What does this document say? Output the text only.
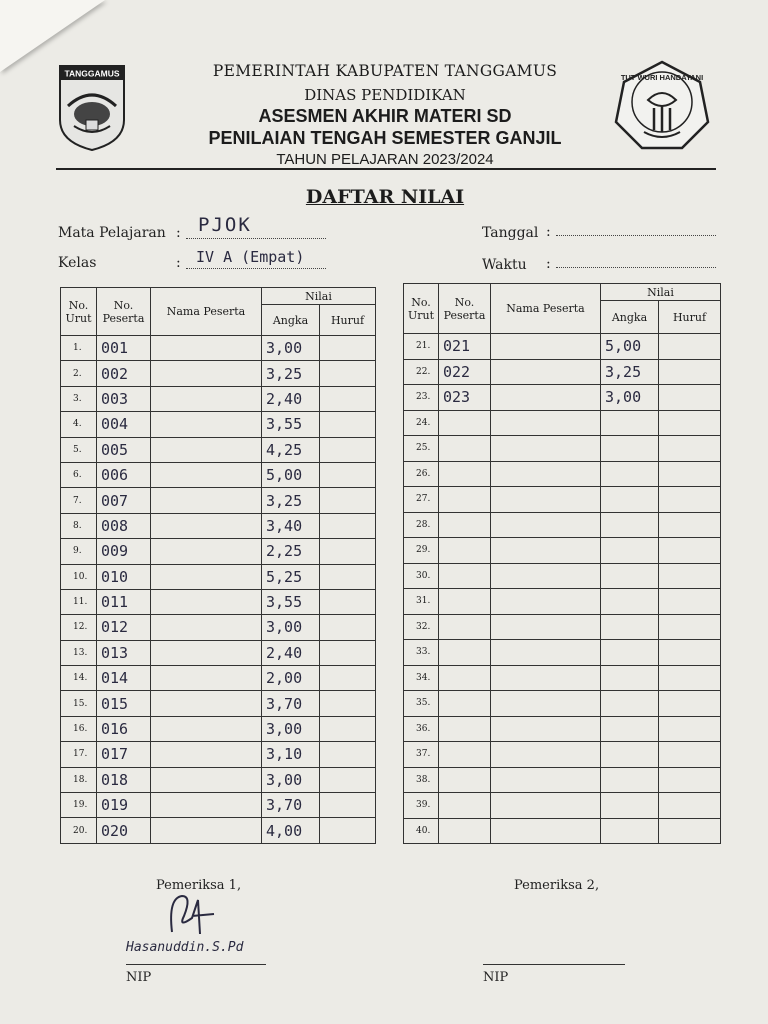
TANGGAMUS	TUT WURI HANDAYANI
PEMERINTAH KABUPATEN TANGGAMUS
DINAS PENDIDIKAN
ASESMEN AKHIR MATERI SD
PENILAIAN TENGAH SEMESTER GANJIL
TAHUN PELAJARAN 2023/2024
DAFTAR NILAI
Mata Pelajaran : PJOK
Kelas	: IV A (Empat)
Tanggal :
Waktu :
No. Urut	No. Peserta	Nama Peserta	Nilai	
			Angka	Huruf
1.	001		3,00	
2.	002		3,25	
3.	003		2,40	
4.	004		3,55	
5.	005		4,25	
6.	006		5,00	
7.	007		3,25	
8.	008		3,40	
9.	009		2,25	
10.	010		5,25	
11.	011		3,55	
12.	012		3,00	
13.	013		2,40	
14.	014		2,00	
15.	015		3,70	
16.	016		3,00	
17.	017		3,10	
18.	018		3,00	
19.	019		3,70	
20.	020		4,00	
No. Urut	No. Peserta	Nama Peserta	Nilai	
			Angka	Huruf
21.	021		5,00	
22.	022		3,25	
23.	023		3,00	
24.				
25.				
26.				
27.				
28.				
29.				
30.				
31.				
32.				
33.				
34.				
35.				
36.				
37.				
38.				
39.				
40.				
Pemeriksa 1,	Pemeriksa 2,
Hasanuddin.S.Pd
NIP	NIP
